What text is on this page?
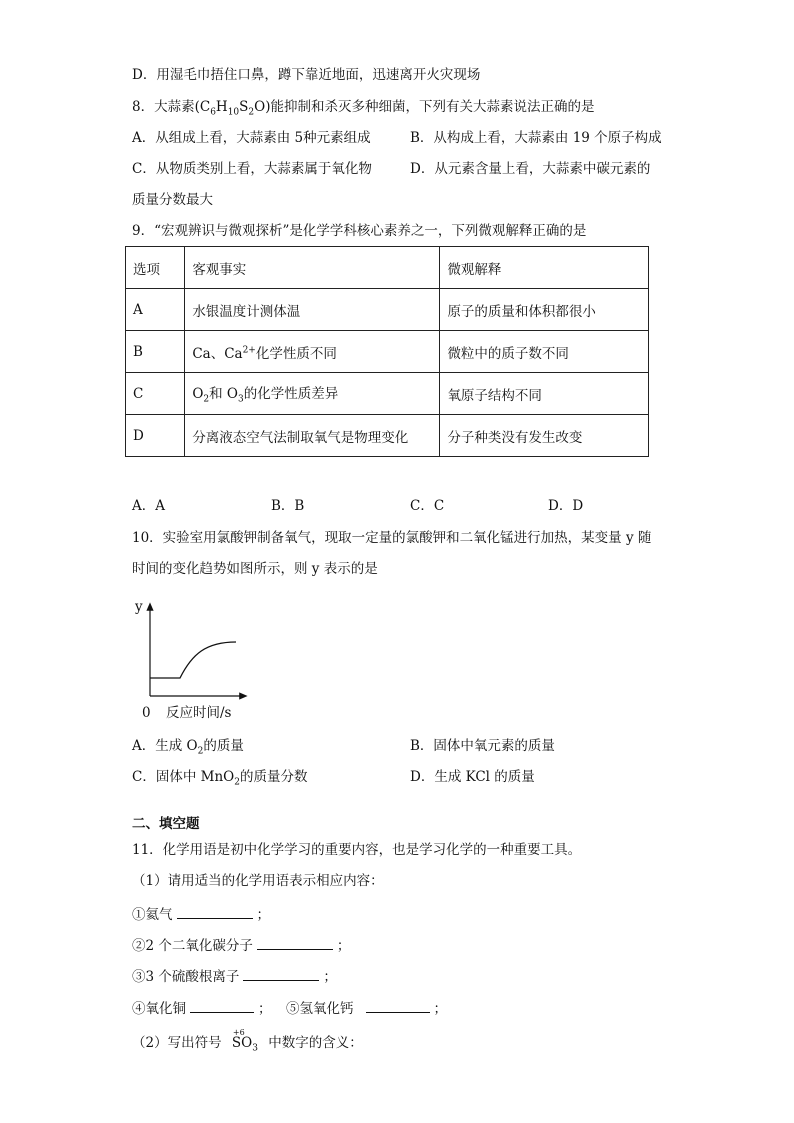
D．用湿毛巾捂住口鼻，蹲下靠近地面，迅速离开火灾现场
8．大蒜素$(C_6H_{10}S_2O)$能抑制和杀灭多种细菌，下列有关大蒜素说法正确的是
A．从组成上看，大蒜素由 5种元素组成	B．从构成上看，大蒜素由 19 个原子构成
C．从物质类别上看，大蒜素属于氧化物	D．从元素含量上看，大蒜素中碳元素的
质量分数最大
9．“宏观辨识与微观探析”是化学学科核心素养之一，下列微观解释正确的是
选项	客观事实	微观解释
A	水银温度计测体温	原子的质量和体积都很小
B	Ca、$Ca^{2+}$化学性质不同	微粒中的质子数不同
C	$O_2$和 $O_3$的化学性质差异	氧原子结构不同
D	分离液态空气法制取氧气是物理变化	分子种类没有发生改变
A．A	B．B	C．C	D．D
10．实验室用氯酸钾制备氧气，现取一定量的氯酸钾和二氧化锰进行加热，某变量 y 随
时间的变化趋势如图所示，则 y 表示的是
y
0 反应时间/s
A．生成 $O_2$的质量	B．固体中氧元素的质量
C．固体中 MnO$_2$的质量分数	D．生成 KCl 的质量
二、填空题
11．化学用语是初中化学学习的重要内容，也是学习化学的一种重要工具。
（1）请用适当的化学用语表示相应内容：
①氦气	；
②2 个二氧化碳分子	；
③3 个硫酸根离子	；
④氧化铜	； ⑤氢氧化钙	；
（2）写出符号
+6
$SO_3$ 中数字的含义：
